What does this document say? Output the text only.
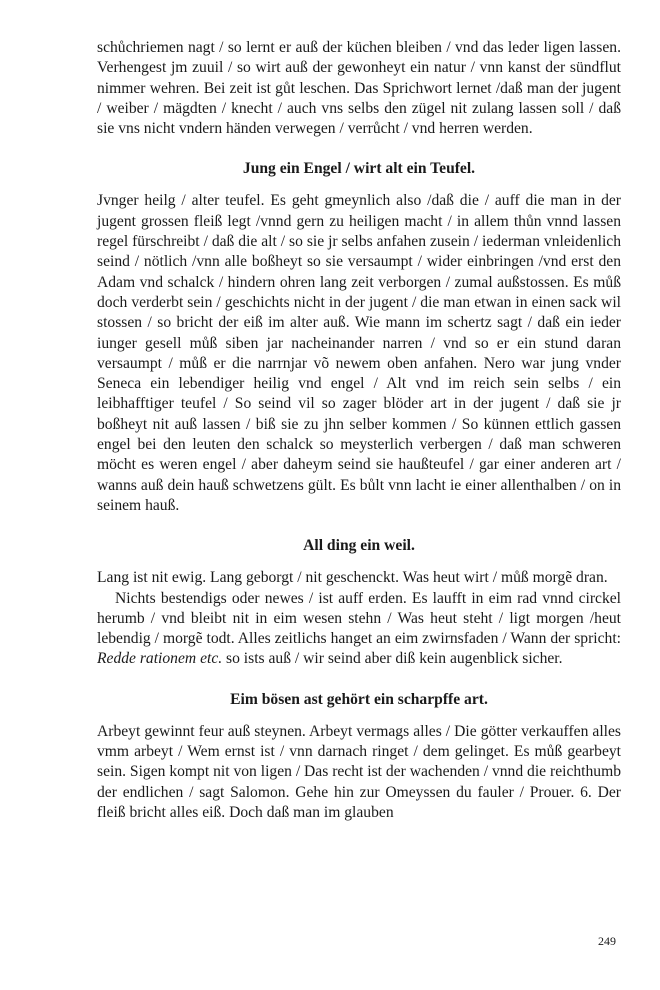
schůchriemen nagt / so lernt er auß der küchen bleiben / vnd das leder ligen lassen. Verhengest jm zuuil / so wirt auß der gewonheyt ein natur / vnn kanst der sündflut nimmer wehren. Bei zeit ist gůt leschen. Das Sprichwort lernet /daß man der jugent / weiber / mägdten / knecht / auch vns selbs den zügel nit zulang lassen soll / daß sie vns nicht vndern händen verwegen / verrůcht / vnd herren werden.

Jung ein Engel / wirt alt ein Teufel.

Jvnger heilg / alter teufel. Es geht gmeynlich also /daß die / auff die man in der jugent grossen fleiß legt /vnnd gern zu heiligen macht / in allem thůn vnnd lassen regel fürschreibt / daß die alt / so sie jr selbs anfahen zusein / iederman vnleidenlich seind / nötlich /vnn alle boßheyt so sie versaumpt / wider einbringen /vnd erst den Adam vnd schalck / hindern ohren lang zeit verborgen / zumal außstossen. Es můß doch verderbt sein / geschichts nicht in der jugent / die man etwan in einen sack wil stossen / so bricht der eiß im alter auß. Wie mann im schertz sagt / daß ein ieder iunger gesell můß siben jar nacheinander narren / vnd so er ein stund daran versaumpt / můß er die narrnjar võ newem oben anfahen. Nero war jung vnder Seneca ein lebendiger heilig vnd engel / Alt vnd im reich sein selbs / ein leibhafftiger teufel / So seind vil so zager blöder art in der jugent / daß sie jr boßheyt nit auß lassen / biß sie zu jhn selber kommen / So künnen ettlich gassen engel bei den leuten den schalck so meysterlich verbergen / daß man schweren möcht es weren engel / aber daheym seind sie haußteufel / gar einer anderen art / wanns auß dein hauß schwetzens gült. Es bůlt vnn lacht ie einer allenthalben / on in seinem hauß.

All ding ein weil.

Lang ist nit ewig. Lang geborgt / nit geschenckt. Was heut wirt / můß morgẽ dran.

Nichts bestendigs oder newes / ist auff erden. Es laufft in eim rad vnnd circkel herumb / vnd bleibt nit in eim wesen stehn / Was heut steht / ligt morgen /heut lebendig / morgẽ todt. Alles zeitlichs hanget an eim zwirnsfaden / Wann der spricht: Redde rationem etc. so ists auß / wir seind aber diß kein augenblick sicher.

Eim bösen ast gehört ein scharpffe art.

Arbeyt gewinnt feur auß steynen. Arbeyt vermags alles / Die götter verkauffen alles vmm arbeyt / Wem ernst ist / vnn darnach ringet / dem gelinget. Es můß gearbeyt sein. Sigen kompt nit von ligen / Das recht ist der wachenden / vnnd die reichthumb der endlichen / sagt Salomon. Gehe hin zur Omeyssen du fauler / Prouer. 6. Der fleiß bricht alles eiß. Doch daß man im glauben

249
